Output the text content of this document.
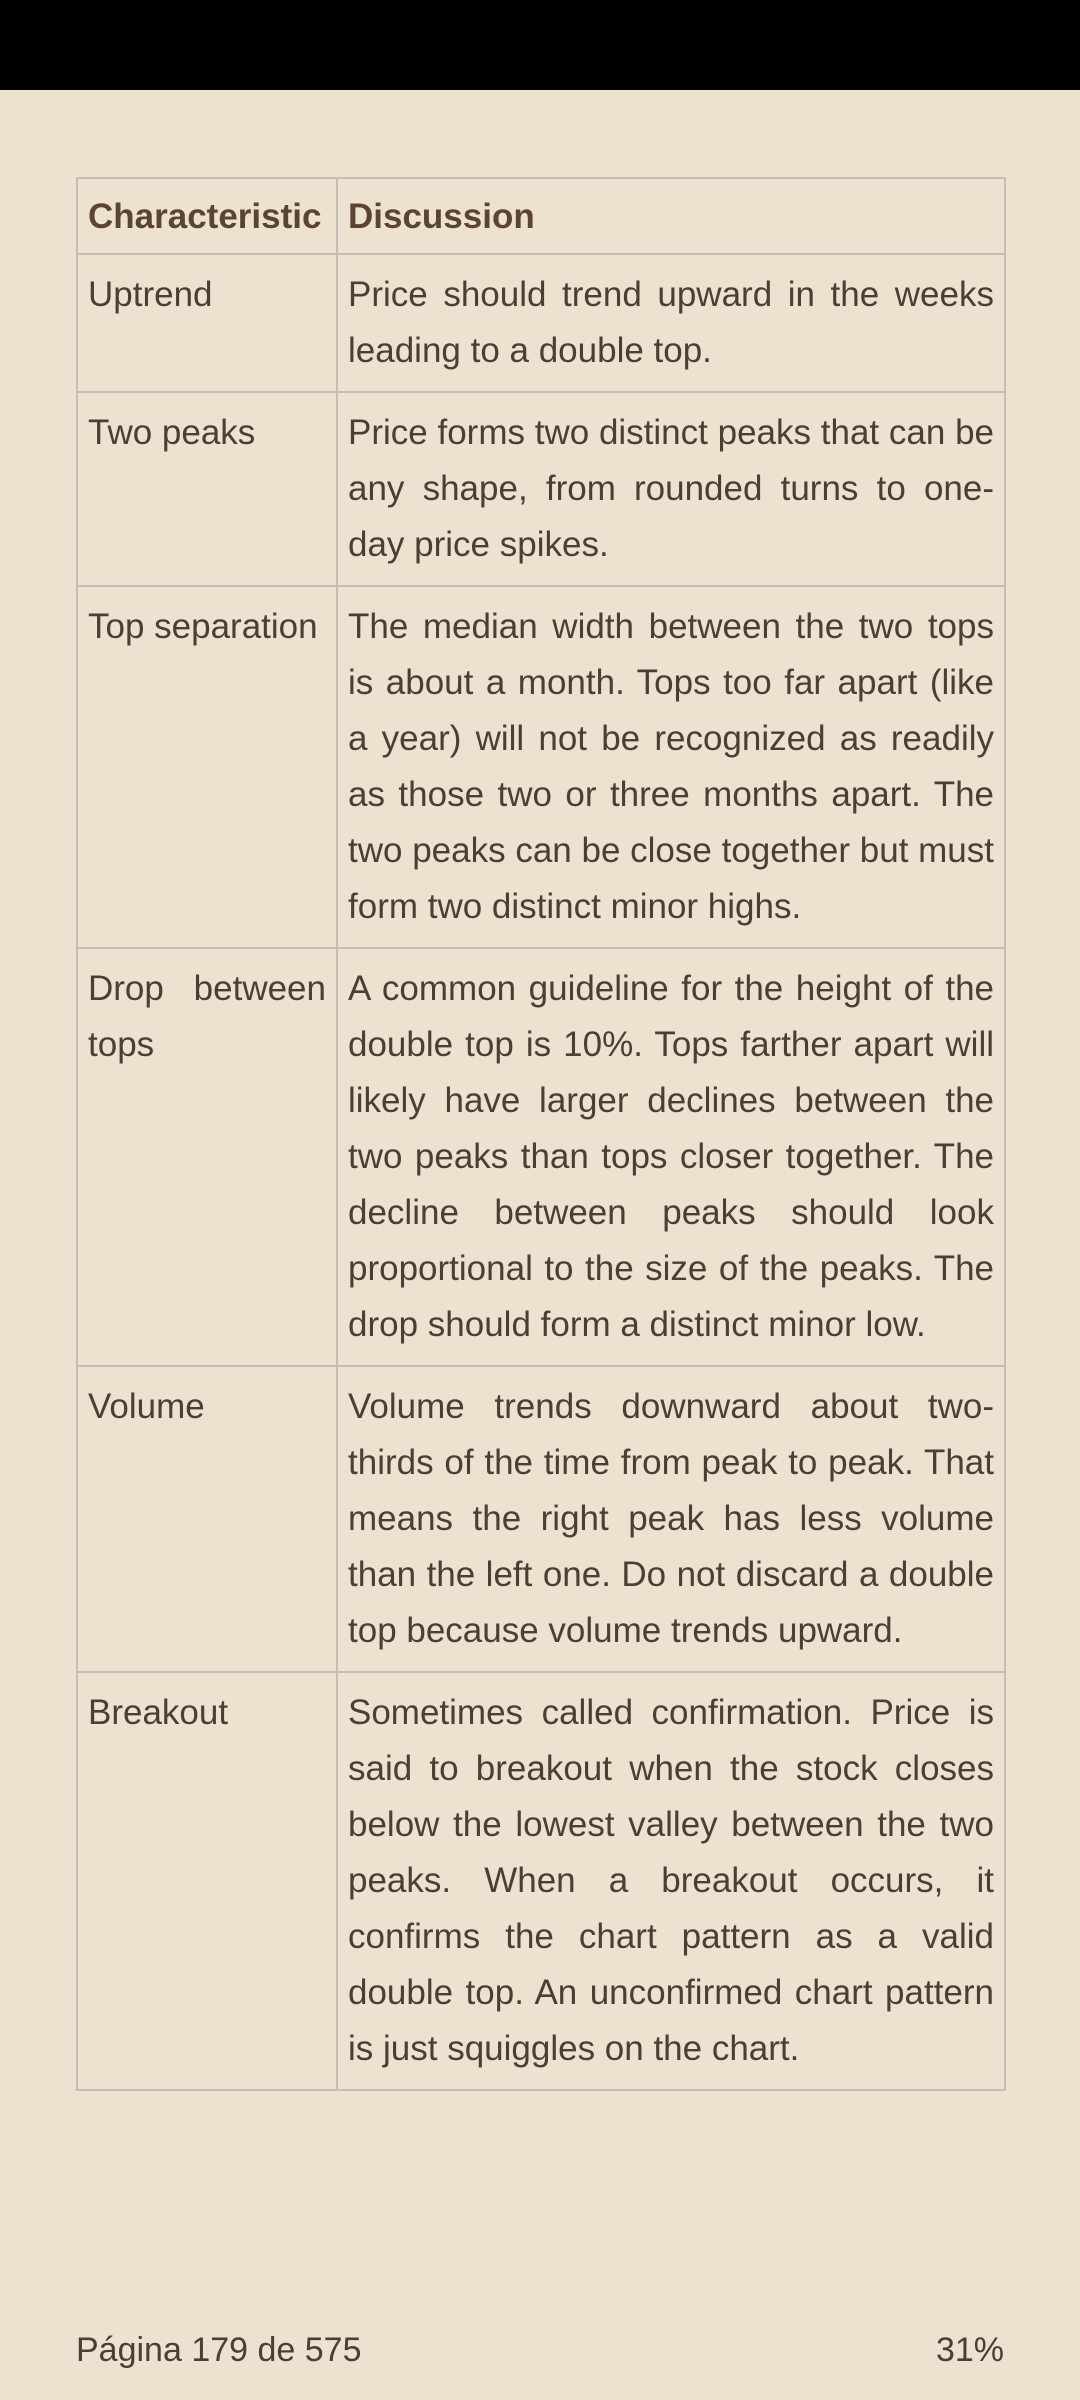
Characteristic	Discussion
Uptrend	Price should trend upward in the weeks leading to a double top.
Two peaks	Price forms two distinct peaks that can be any shape, from rounded turns to one-day price spikes.
Top separation	The median width between the two tops is about a month. Tops too far apart (like a year) will not be recognized as readily as those two or three months apart. The two peaks can be close together but must form two distinct minor highs.
Drop between tops	A common guideline for the height of the double top is 10%. Tops farther apart will likely have larger declines between the two peaks than tops closer together. The decline between peaks should look proportional to the size of the peaks. The drop should form a distinct minor low.
Volume	Volume trends downward about two-thirds of the time from peak to peak. That means the right peak has less volume than the left one. Do not discard a double top because volume trends upward.
Breakout	Sometimes called confirmation. Price is said to breakout when the stock closes below the lowest valley between the two peaks. When a breakout occurs, it confirms the chart pattern as a valid double top. An unconfirmed chart pattern is just squiggles on the chart.
Página 179 de 575	31%
